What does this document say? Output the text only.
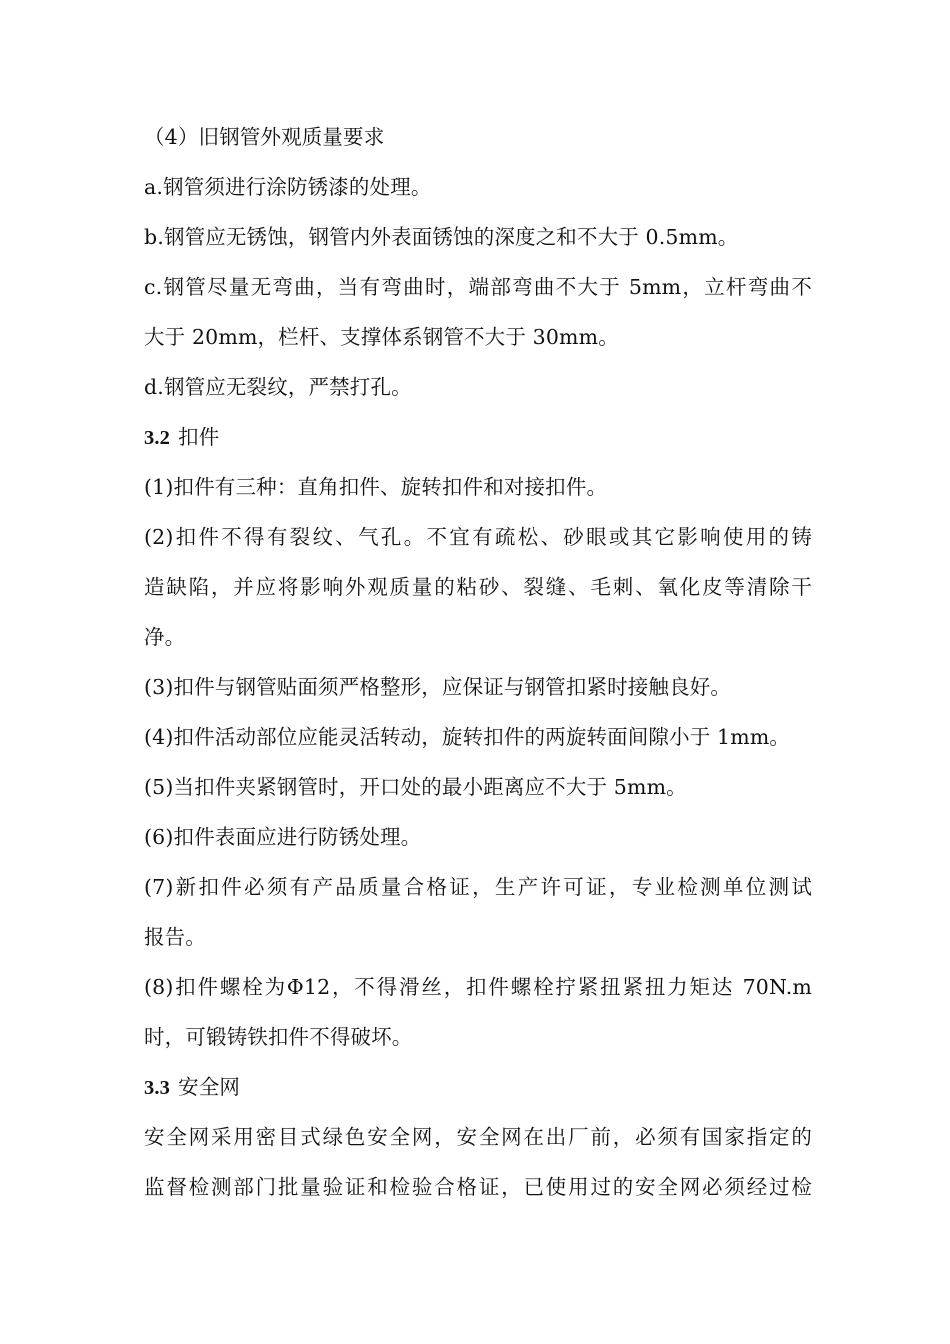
（4）旧钢管外观质量要求
a.钢管须进行涂防锈漆的处理。
b.钢管应无锈蚀，钢管内外表面锈蚀的深度之和不大于 0.5mm。
c.钢管尽量无弯曲，当有弯曲时，端部弯曲不大于 5mm，立杆弯曲不
大于 20mm，栏杆、支撑体系钢管不大于 30mm。
d.钢管应无裂纹，严禁打孔。
3.2 扣件
(1)扣件有三种：直角扣件、旋转扣件和对接扣件。
(2)扣件不得有裂纹、气孔。不宜有疏松、砂眼或其它影响使用的铸
造缺陷，并应将影响外观质量的粘砂、裂缝、毛刺、氧化皮等清除干
净。
(3)扣件与钢管贴面须严格整形，应保证与钢管扣紧时接触良好。
(4)扣件活动部位应能灵活转动，旋转扣件的两旋转面间隙小于 1mm。
(5)当扣件夹紧钢管时，开口处的最小距离应不大于 5mm。
(6)扣件表面应进行防锈处理。
(7)新扣件必须有产品质量合格证，生产许可证，专业检测单位测试
报告。
(8)扣件螺栓为Φ12，不得滑丝，扣件螺栓拧紧扭紧扭力矩达 70N.m
时，可锻铸铁扣件不得破坏。
3.3 安全网
安全网采用密目式绿色安全网，安全网在出厂前，必须有国家指定的
监督检测部门批量验证和检验合格证，已使用过的安全网必须经过检
